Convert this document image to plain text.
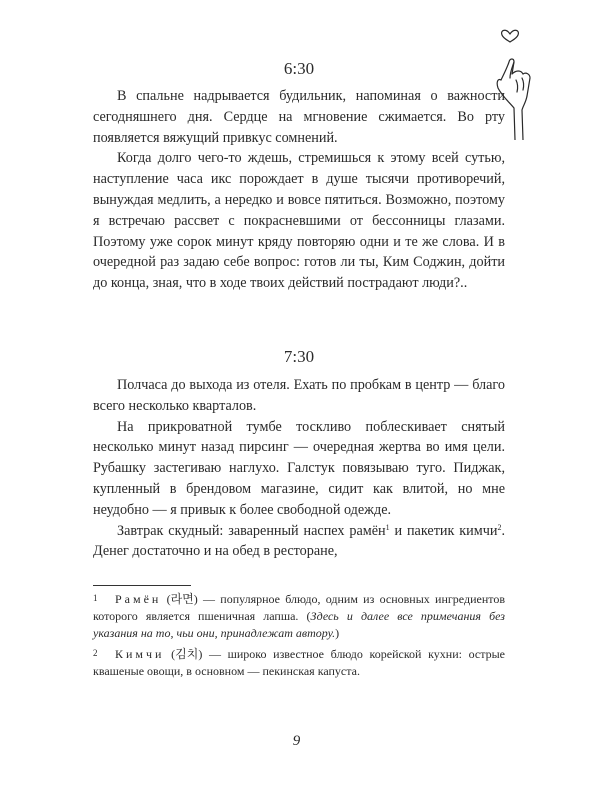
6:30

В спальне надрывается будильник, напоминая о важности сегодняшнего дня. Сердце на мгновение сжимается. Во рту появляется вяжущий привкус сомнений.

Когда долго чего-то ждешь, стремишься к этому всей сутью, наступление часа икс порождает в душе тысячи противоречий, вынуждая медлить, а нередко и вовсе пятиться. Возможно, поэтому я встречаю рассвет с покрасневшими от бессонницы глазами. Поэтому уже сорок минут кряду повторяю одни и те же слова. И в очередной раз задаю себе вопрос: готов ли ты, Ким Соджин, дойти до конца, зная, что в ходе твоих действий пострадают люди?..

7:30

Полчаса до выхода из отеля. Ехать по пробкам в центр — благо всего несколько кварталов.

На прикроватной тумбе тоскливо поблескивает снятый несколько минут назад пирсинг — очередная жертва во имя цели. Рубашку застегиваю наглухо. Галстук повязываю туго. Пиджак, купленный в брендовом магазине, сидит как влитой, но мне неудобно — я привык к более свободной одежде.

Завтрак скудный: заваренный наспех рамён$^1$ и пакетик кимчи$^2$. Денег достаточно и на обед в ресторане,

1 Рамён (라면) — популярное блюдо, одним из основных ингредиентов которого является пшеничная лапша. (Здесь и далее все примечания без указания на то, чьи они, принадлежат автору.)

2 Кимчи (김치) — широко известное блюдо корейской кухни: острые квашеные овощи, в основном — пекинская капуста.

9
